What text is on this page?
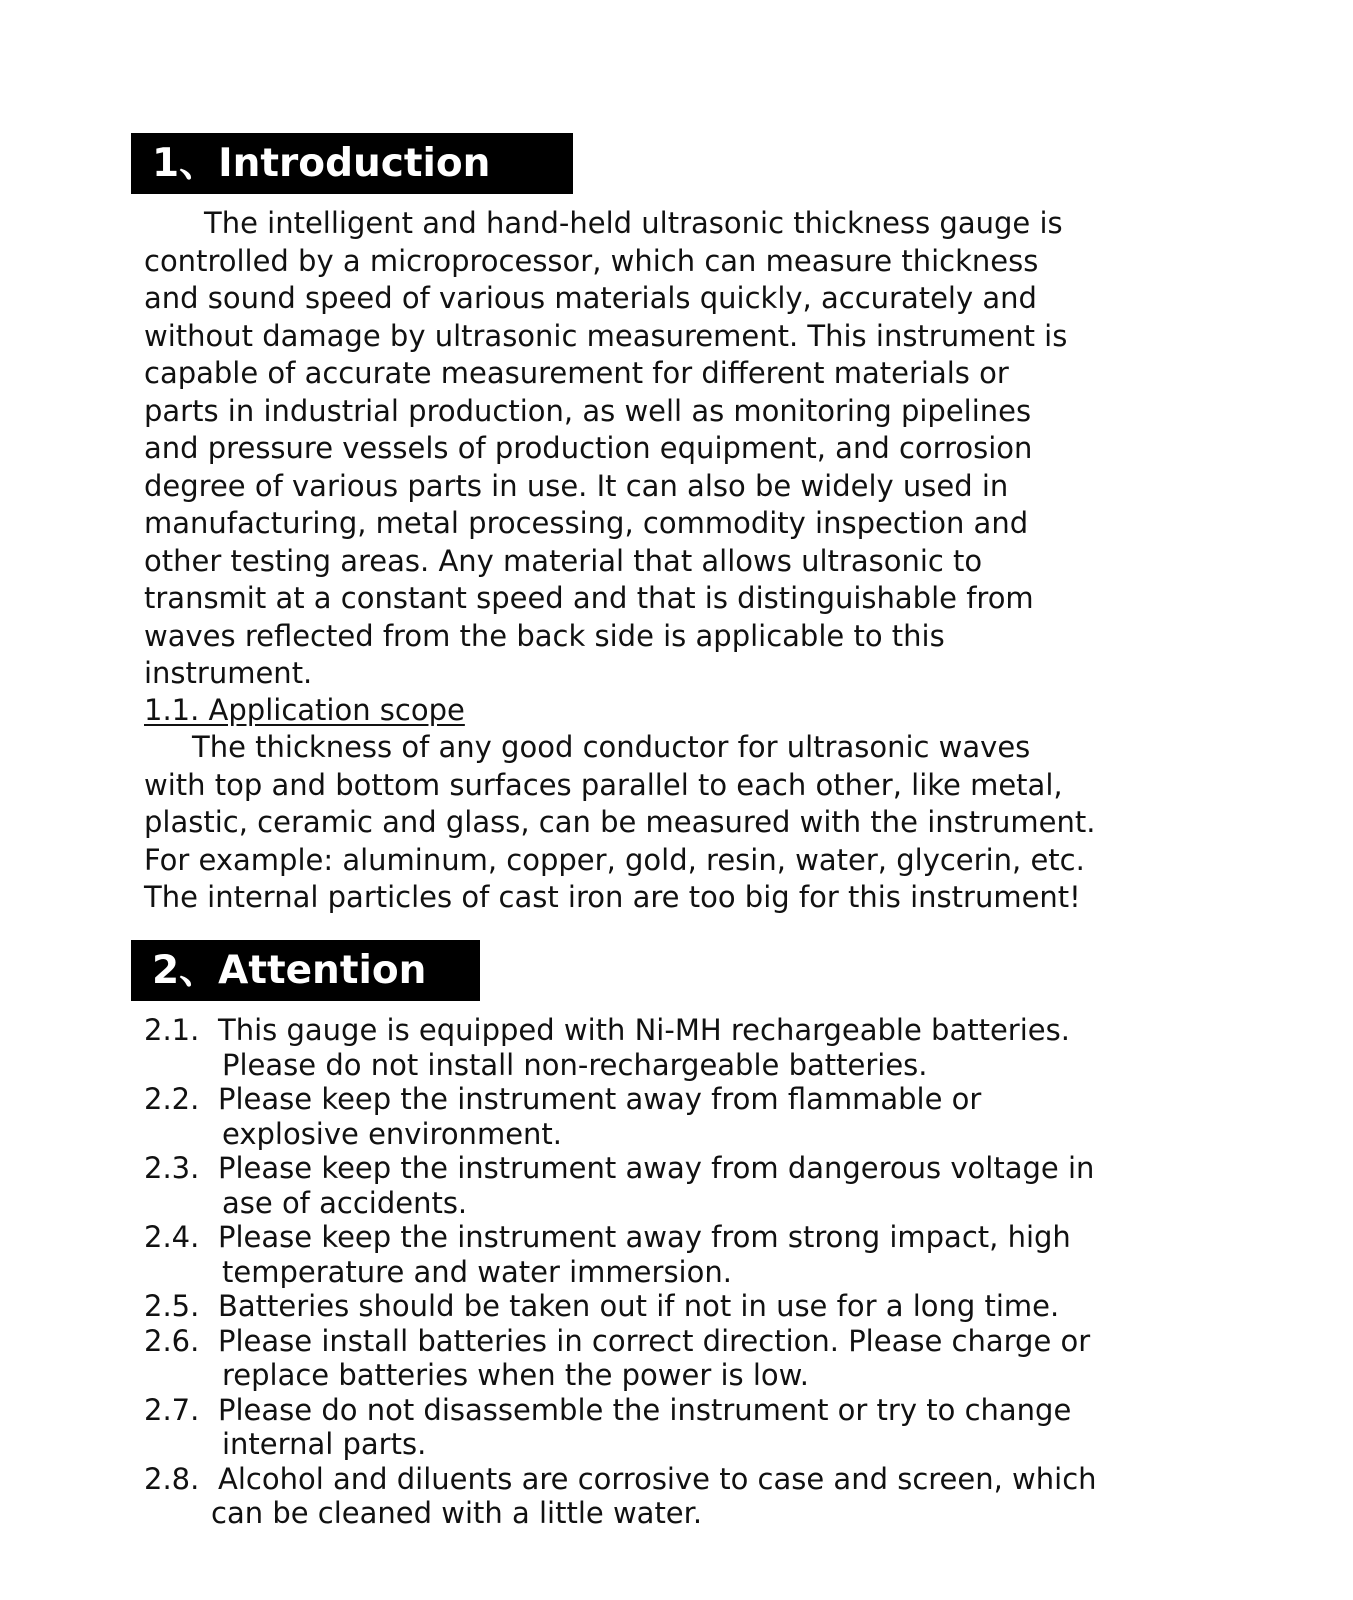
1、Introduction

The intelligent and hand-held ultrasonic thickness gauge is
controlled by a microprocessor, which can measure thickness
and sound speed of various materials quickly, accurately and
without damage by ultrasonic measurement. This instrument is
capable of accurate measurement for different materials or
parts in industrial production, as well as monitoring pipelines
and pressure vessels of production equipment, and corrosion
degree of various parts in use. It can also be widely used in
manufacturing, metal processing, commodity inspection and
other testing areas. Any material that allows ultrasonic to
transmit at a constant speed and that is distinguishable from
waves reflected from the back side is applicable to this
instrument.

1.1. Application scope

The thickness of any good conductor for ultrasonic waves
with top and bottom surfaces parallel to each other, like metal,
plastic, ceramic and glass, can be measured with the instrument.
For example: aluminum, copper, gold, resin, water, glycerin, etc.
The internal particles of cast iron are too big for this instrument!

2、Attention
2.1. This gauge is equipped with Ni-MH rechargeable batteries.
Please do not install non-rechargeable batteries.
2.2. Please keep the instrument away from flammable or
explosive environment.
2.3. Please keep the instrument away from dangerous voltage in
ase of accidents.
2.4. Please keep the instrument away from strong impact, high
temperature and water immersion.
2.5. Batteries should be taken out if not in use for a long time.
2.6. Please install batteries in correct direction. Please charge or
replace batteries when the power is low.
2.7. Please do not disassemble the instrument or try to change
internal parts.
2.8. Alcohol and diluents are corrosive to case and screen, which
can be cleaned with a little water.
